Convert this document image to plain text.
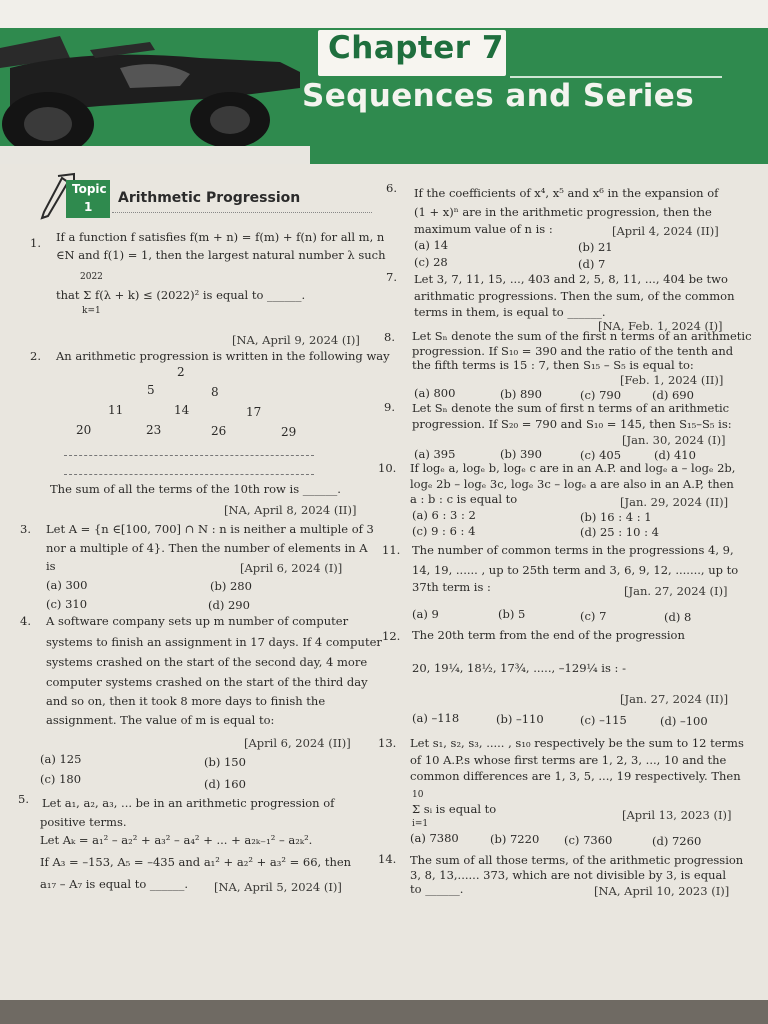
Chapter 7
Sequences and Series
Topic
1
Arithmetic Progression
1. If a function f satisfies f(m + n) = f(m) + f(n) for all m, n
∈N and f(1) = 1, then the largest natural number λ such
2022
that Σ f(λ + k) ≤ (2022)² is equal to ______.
k=1
[NA, April 9, 2024 (I)]
2. An arithmetic progression is written in the following way
2
5	8
11	14	17
20	23	26	29
The sum of all the terms of the 10th row is ______.
[NA, April 8, 2024 (II)]
3. Let A = {n ∈[100, 700] ∩ N : n is neither a multiple of 3
nor a multiple of 4}. Then the number of elements in A
is	[April 6, 2024 (I)]
(a) 300	(b) 280
(c) 310	(d) 290
4. A software company sets up m number of computer
systems to finish an assignment in 17 days. If 4 computer
systems crashed on the start of the second day, 4 more
computer systems crashed on the start of the third day
and so on, then it took 8 more days to finish the
assignment. The value of m is equal to:
[April 6, 2024 (II)]
(a) 125	(b) 150
(c) 180	(d) 160
5. Let a₁, a₂, a₃, ... be in an arithmetic progression of
positive terms.
Let Aₖ = a₁² – a₂² + a₃² – a₄² + ... + a₂ₖ₋₁² – a₂ₖ².
If A₃ = –153, A₅ = –435 and a₁² + a₂² + a₃² = 66, then
a₁₇ – A₇ is equal to ______. [NA, April 5, 2024 (I)]
6. If the coefficients of x⁴, x⁵ and x⁶ in the expansion of
(1 + x)ⁿ are in the arithmetic progression, then the
maximum value of n is :	[April 4, 2024 (II)]
(a) 14	(b) 21
(c) 28	(d) 7
7. Let 3, 7, 11, 15, ..., 403 and 2, 5, 8, 11, ..., 404 be two
arithmatic progressions. Then the sum, of the common
terms in them, is equal to ______.
[NA, Feb. 1, 2024 (I)]
8. Let Sₙ denote the sum of the first n terms of an arithmetic
progression. If S₁₀ = 390 and the ratio of the tenth and
the fifth terms is 15 : 7, then S₁₅ – S₅ is equal to:
[Feb. 1, 2024 (II)]
(a) 800	(b) 890	(c) 790	(d) 690
9. Let Sₙ denote the sum of first n terms of an arithmetic
progression. If S₂₀ = 790 and S₁₀ = 145, then S₁₅–S₅ is:
[Jan. 30, 2024 (I)]
(a) 395	(b) 390	(c) 405	(d) 410
10. If logₑ a, logₑ b, logₑ c are in an A.P. and logₑ a – logₑ 2b,
logₑ 2b – logₑ 3c, logₑ 3c – logₑ a are also in an A.P, then
a : b : c is equal to	[Jan. 29, 2024 (II)]
(a) 6 : 3 : 2	(b) 16 : 4 : 1
(c) 9 : 6 : 4	(d) 25 : 10 : 4
11. The number of common terms in the progressions 4, 9,
14, 19, ...... , up to 25th term and 3, 6, 9, 12, ......., up to
37th term is :	[Jan. 27, 2024 (I)]
(a) 9	(b) 5	(c) 7	(d) 8
12. The 20th term from the end of the progression
20, 19¼, 18½, 17¾, ....., –129¼ is : -
[Jan. 27, 2024 (II)]
(a) –118	(b) –110	(c) –115	(d) –100
13. Let s₁, s₂, s₃, ..... , s₁₀ respectively be the sum to 12 terms
of 10 A.P.s whose first terms are 1, 2, 3, ..., 10 and the
common differences are 1, 3, 5, ..., 19 respectively. Then
10
Σ sᵢ is equal to
i=1
[April 13, 2023 (I)]
(a) 7380	(b) 7220 (c) 7360	(d) 7260
14. The sum of all those terms, of the arithmetic progression
3, 8, 13,...... 373, which are not divisible by 3, is equal
to ______.	[NA, April 10, 2023 (I)]
